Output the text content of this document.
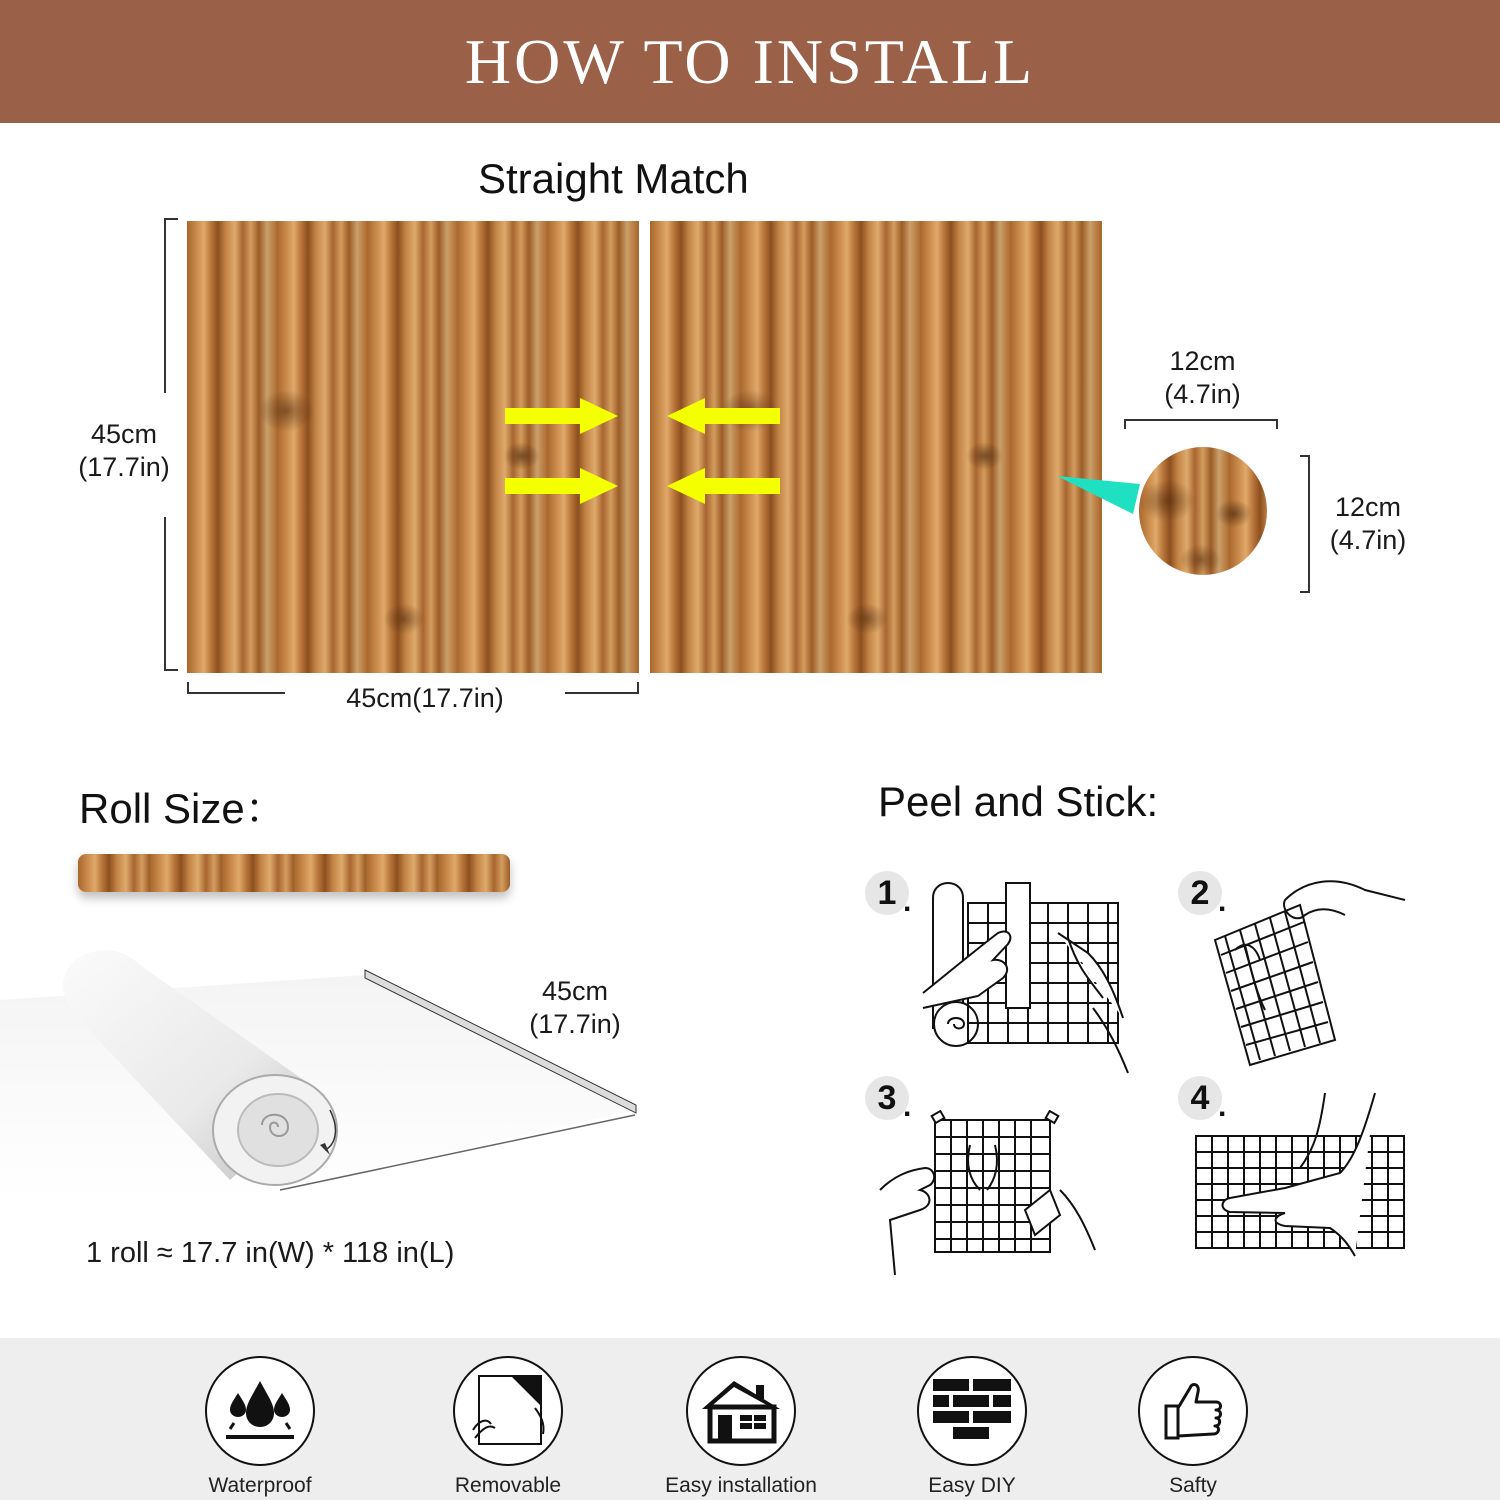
HOW TO INSTALL
Straight Match
45cm
(17.7in)
45cm(17.7in)
12cm
(4.7in)
12cm
(4.7in)
Roll Size：
45cm
(17.7in)
1 roll ≈ 17.7 in(W) * 118 in(L)
Peel and Stick:
1 .	2 .
3 .	4 .
Waterproof	Removable	Easy installation	Easy DIY	Safty
